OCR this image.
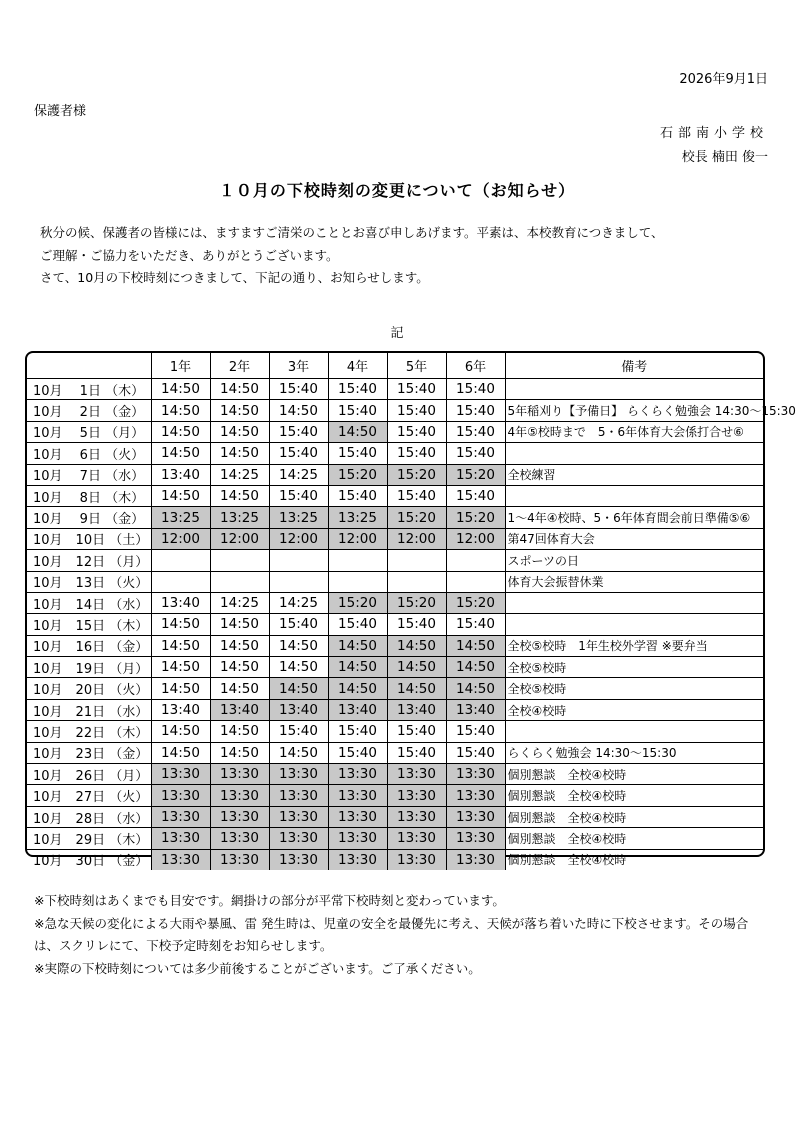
2026年9月1日
保護者様
石部南小学校
校長 楠田 俊一
１０月の下校時刻の変更について（お知らせ）

秋分の候、保護者の皆様には、ますますご清栄のこととお喜び申しあげます。平素は、本校教育につきまして、

ご理解・ご協力をいただき、ありがとうございます。

さて、10月の下校時刻につきまして、下記の通り、お知らせします。

記
	1年	2年	3年	4年	5年	6年	備考
10月　 1日 （木）	14:50	14:50	15:40	15:40	15:40	15:40	
10月　 2日 （金）	14:50	14:50	14:50	15:40	15:40	15:40	5年稲刈り【予備日】 らくらく勉強会 14:30～15:30
10月　 5日 （月）	14:50	14:50	15:40	14:50	15:40	15:40	4年⑤校時まで　5・6年体育大会係打合せ⑥
10月　 6日 （火）	14:50	14:50	15:40	15:40	15:40	15:40	
10月　 7日 （水）	13:40	14:25	14:25	15:20	15:20	15:20	全校練習
10月　 8日 （木）	14:50	14:50	15:40	15:40	15:40	15:40	
10月　 9日 （金）	13:25	13:25	13:25	13:25	15:20	15:20	1～4年④校時、5・6年体育間会前日準備⑤⑥
10月　10日 （土）	12:00	12:00	12:00	12:00	12:00	12:00	第47回体育大会
10月　12日 （月）							スポーツの日
10月　13日 （火）							体育大会振替休業
10月　14日 （水）	13:40	14:25	14:25	15:20	15:20	15:20	
10月　15日 （木）	14:50	14:50	15:40	15:40	15:40	15:40	
10月　16日 （金）	14:50	14:50	14:50	14:50	14:50	14:50	全校⑤校時　1年生校外学習 ※要弁当
10月　19日 （月）	14:50	14:50	14:50	14:50	14:50	14:50	全校⑤校時
10月　20日 （火）	14:50	14:50	14:50	14:50	14:50	14:50	全校⑤校時
10月　21日 （水）	13:40	13:40	13:40	13:40	13:40	13:40	全校④校時
10月　22日 （木）	14:50	14:50	15:40	15:40	15:40	15:40	
10月　23日 （金）	14:50	14:50	14:50	15:40	15:40	15:40	らくらく勉強会 14:30～15:30
10月　26日 （月）	13:30	13:30	13:30	13:30	13:30	13:30	個別懇談　全校④校時
10月　27日 （火）	13:30	13:30	13:30	13:30	13:30	13:30	個別懇談　全校④校時
10月　28日 （水）	13:30	13:30	13:30	13:30	13:30	13:30	個別懇談　全校④校時
10月　29日 （木）	13:30	13:30	13:30	13:30	13:30	13:30	個別懇談　全校④校時
10月　30日 （金）	13:30	13:30	13:30	13:30	13:30	13:30	個別懇談　全校④校時

※下校時刻はあくまでも目安です。網掛けの部分が平常下校時刻と変わっています。

※急な天候の変化による大雨や暴風、雷 発生時は、児童の安全を最優先に考え、天候が落ち着いた時に下校させます。その場合

は、スクリレにて、下校予定時刻をお知らせします。

※実際の下校時刻については多少前後することがございます。ご了承ください。
